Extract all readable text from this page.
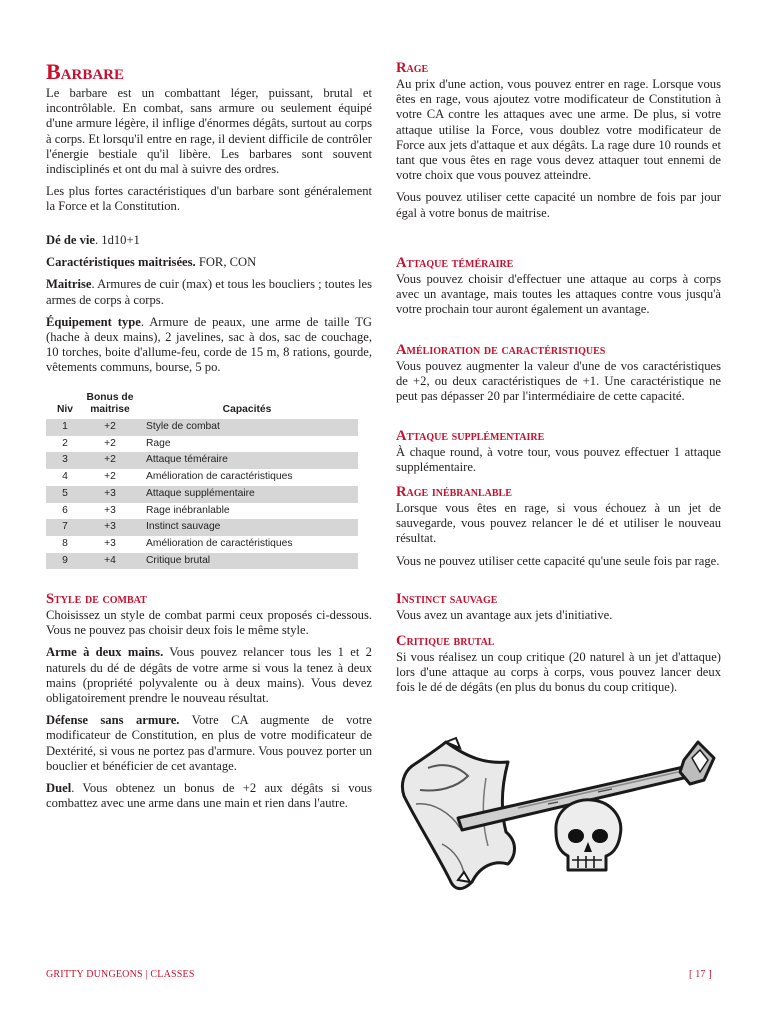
Barbare

Le barbare est un combattant léger, puissant, brutal et incontrôlable. En combat, sans armure ou seulement équipé d'une armure légère, il inflige d'énormes dégâts, surtout au corps à corps. Et lorsqu'il entre en rage, il devient difficile de contrôler l'énergie bestiale qu'il libère. Les barbares sont souvent indisciplinés et ont du mal à suivre des ordres.

Les plus fortes caractéristiques d'un barbare sont généralement la Force et la Constitution.

Dé de vie. 1d10+1

Caractéristiques maitrisées. FOR, CON

Maitrise. Armures de cuir (max) et tous les boucliers ; toutes les armes de corps à corps.

Équipement type. Armure de peaux, une arme de taille TG (hache à deux mains), 2 javelines, sac à dos, sac de couchage, 10 torches, boite d'allume-feu, corde de 15 m, 8 rations, gourde, vêtements communs, bourse, 5 po.

Niv	Bonus de maitrise	Capacités
1	+2	Style de combat
2	+2	Rage
3	+2	Attaque téméraire
4	+2	Amélioration de caractéristiques
5	+3	Attaque supplémentaire
6	+3	Rage inébranlable
7	+3	Instinct sauvage
8	+3	Amélioration de caractéristiques
9	+4	Critique brutal
Style de combat

Choisissez un style de combat parmi ceux proposés ci-dessous. Vous ne pouvez pas choisir deux fois le même style.

Arme à deux mains. Vous pouvez relancer tous les 1 et 2 naturels du dé de dégâts de votre arme si vous la tenez à deux mains (propriété polyvalente ou à deux mains). Vous devez obligatoirement prendre le nouveau résultat.

Défense sans armure. Votre CA augmente de votre modificateur de Constitution, en plus de votre modificateur de Dextérité, si vous ne portez pas d'armure. Vous pouvez porter un bouclier et bénéficier de cet avantage.

Duel. Vous obtenez un bonus de +2 aux dégâts si vous combattez avec une arme dans une main et rien dans l'autre.

Rage

Au prix d'une action, vous pouvez entrer en rage. Lorsque vous êtes en rage, vous ajoutez votre modificateur de Constitution à votre CA contre les attaques avec une arme. De plus, si votre attaque utilise la Force, vous doublez votre modificateur de Force aux jets d'attaque et aux dégâts. La rage dure 10 rounds et tant que vous êtes en rage vous devez attaquer tout ennemi de votre choix que vous pouvez atteindre.

Vous pouvez utiliser cette capacité un nombre de fois par jour égal à votre bonus de maitrise.

Attaque téméraire

Vous pouvez choisir d'effectuer une attaque au corps à corps avec un avantage, mais toutes les attaques contre vous jusqu'à votre prochain tour auront également un avantage.

Amélioration de caractéristiques

Vous pouvez augmenter la valeur d'une de vos caractéristiques de +2, ou deux caractéristiques de +1. Une caractéristique ne peut pas dépasser 20 par l'intermédiaire de cette capacité.

Attaque supplémentaire

À chaque round, à votre tour, vous pouvez effectuer 1 attaque supplémentaire.

Rage inébranlable

Lorsque vous êtes en rage, si vous échouez à un jet de sauvegarde, vous pouvez relancer le dé et utiliser le nouveau résultat.

Vous ne pouvez utiliser cette capacité qu'une seule fois par rage.

Instinct sauvage

Vous avez un avantage aux jets d'initiative.

Critique brutal

Si vous réalisez un coup critique (20 naturel à un jet d'attaque) lors d'une attaque au corps à corps, vous pouvez lancer deux fois le dé de dégâts (en plus du bonus du coup critique).

GRITTY DUNGEONS | CLASSES	[ 17 ]
